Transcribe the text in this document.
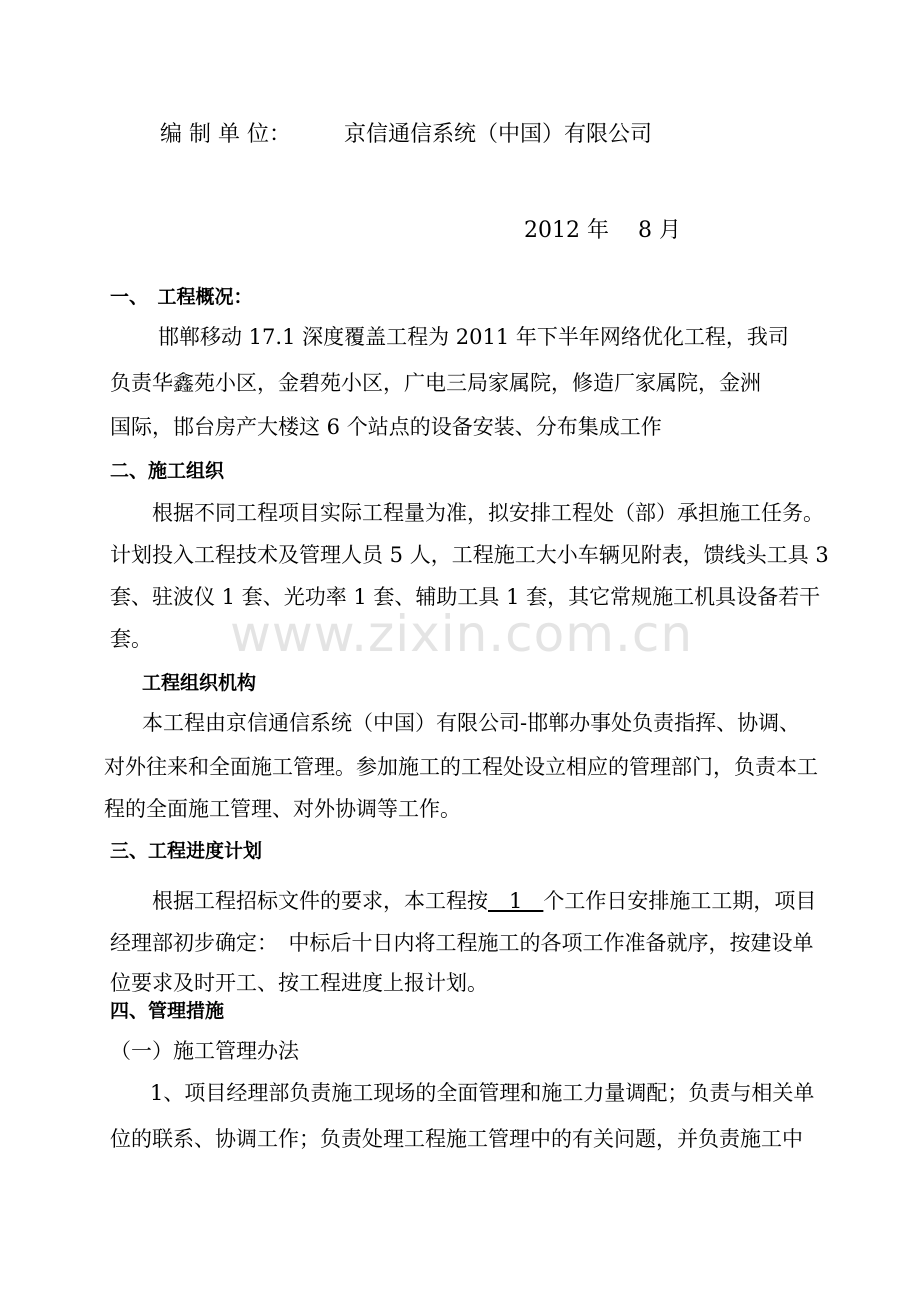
www.zixin.com.cn
编 制 单 位： 京信通信系统（中国）有限公司
2012 年　 8 月
一、　工程概况：
邯郸移动 17.1 深度覆盖工程为 2011 年下半年网络优化工程，我司
负责华鑫苑小区，金碧苑小区，广电三局家属院，修造厂家属院，金洲
国际，邯台房产大楼这 6 个站点的设备安装、分布集成工作
二、施工组织
根据不同工程项目实际工程量为准，拟安排工程处（部）承担施工任务。
计划投入工程技术及管理人员 5 人，工程施工大小车辆见附表，馈线头工具 3
套、驻波仪 1 套、光功率 1 套、辅助工具 1 套，其它常规施工机具设备若干
套。
工程组织机构
本工程由京信通信系统（中国）有限公司-邯郸办事处负责指挥、协调、
对外往来和全面施工管理。参加施工的工程处设立相应的管理部门，负责本工
程的全面施工管理、对外协调等工作。
三、工程进度计划
根据工程招标文件的要求，本工程按　1　个工作日安排施工工期，项目
经理部初步确定：　中标后十日内将工程施工的各项工作准备就序，按建设单
位要求及时开工、按工程进度上报计划。
四、管理措施
（一）施工管理办法
1、项目经理部负责施工现场的全面管理和施工力量调配；负责与相关单
位的联系、协调工作；负责处理工程施工管理中的有关问题，并负责施工中
